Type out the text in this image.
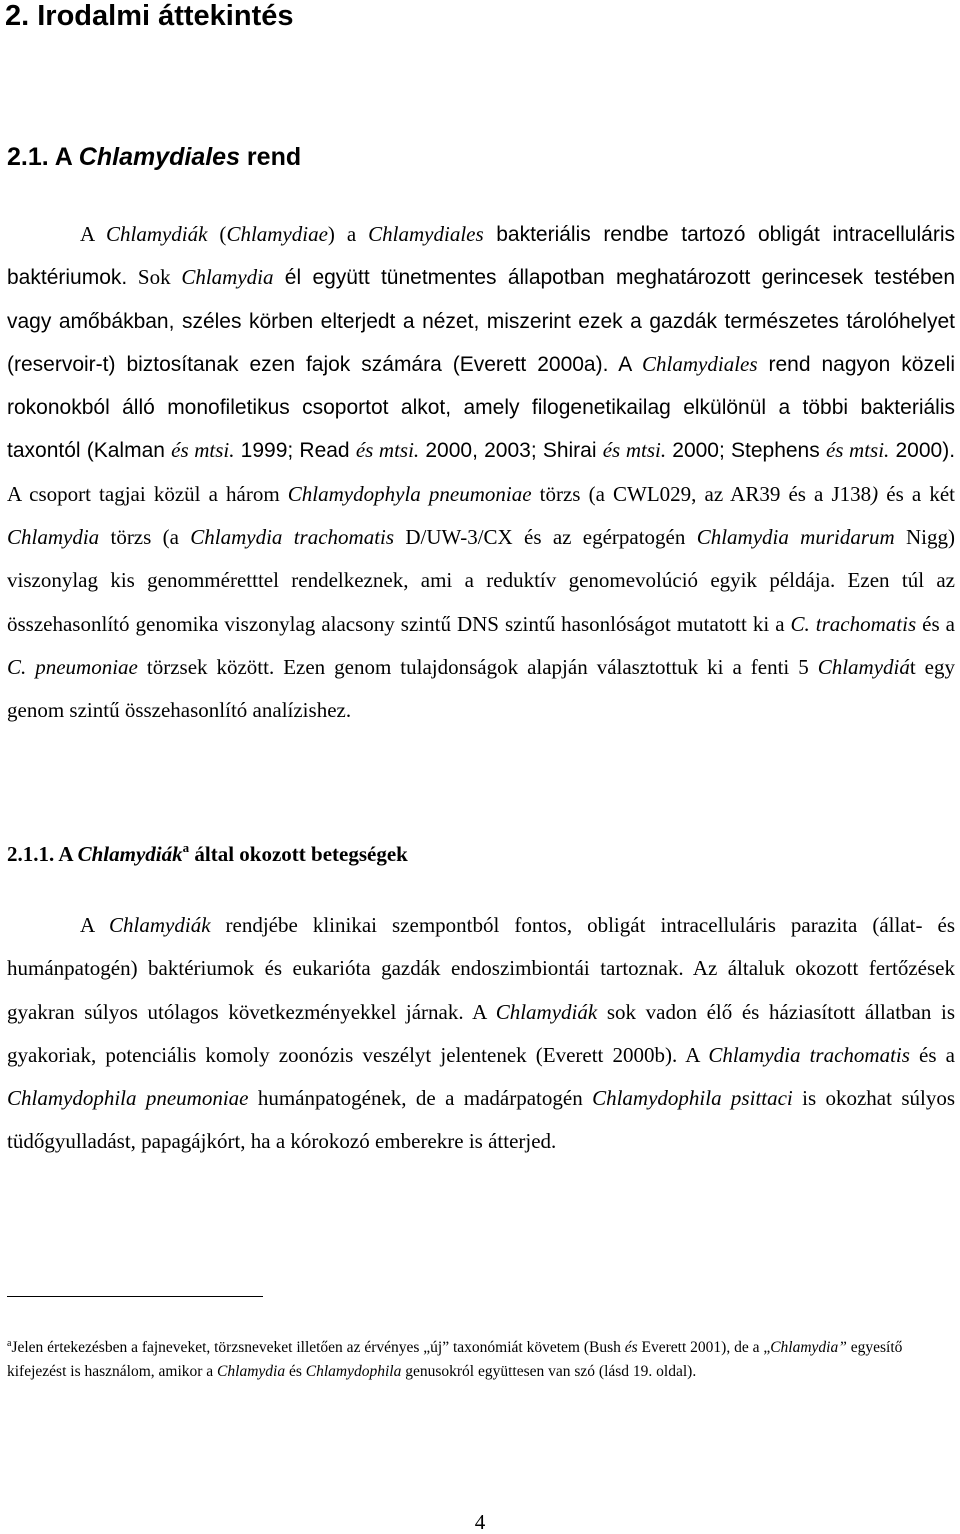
2. Irodalmi áttekintés
2.1. A Chlamydiales rend

A Chlamydiák (Chlamydiae) a Chlamydiales bakteriális rendbe tartozó obligát intracelluláris baktériumok. Sok Chlamydia él együtt tünetmentes állapotban meghatározott gerincesek testében vagy amőbákban, széles körben elterjedt a nézet, miszerint ezek a gazdák természetes tárolóhelyet (reservoir-t) biztosítanak ezen fajok számára (Everett 2000a). A Chlamydiales rend nagyon közeli rokonokból álló monofiletikus csoportot alkot, amely filogenetikailag elkülönül a többi bakteriális taxontól (Kalman és mtsi. 1999; Read és mtsi. 2000, 2003; Shirai és mtsi. 2000; Stephens és mtsi. 2000). A csoport tagjai közül a három Chlamydophyla pneumoniae törzs (a CWL029, az AR39 és a J138) és a két Chlamydia törzs (a Chlamydia trachomatis D/UW-3/CX és az egérpatogén Chlamydia muridarum Nigg) viszonylag kis genomméretttel rendelkeznek, ami a reduktív genomevolúció egyik példája. Ezen túl az összehasonlító genomika viszonylag alacsony szintű DNS szintű hasonlóságot mutatott ki a C. trachomatis és a C. pneumoniae törzsek között. Ezen genom tulajdonságok alapján választottuk ki a fenti 5 Chlamydiát egy genom szintű összehasonlító analízishez.

2.1.1. A Chlamydiák$^a$ által okozott betegségek

A Chlamydiák rendjébe klinikai szempontból fontos, obligát intracelluláris parazita (állat- és humánpatogén) baktériumok és eukarióta gazdák endoszimbiontái tartoznak. Az általuk okozott fertőzések gyakran súlyos utólagos következményekkel járnak. A Chlamydiák sok vadon élő és háziasított állatban is gyakoriak, potenciális komoly zoonózis veszélyt jelentenek (Everett 2000b). A Chlamydia trachomatis és a Chlamydophila pneumoniae humánpatogének, de a madárpatogén Chlamydophila psittaci is okozhat súlyos tüdőgyulladást, papagájkórt, ha a kórokozó emberekre is átterjed.

$^a$Jelen értekezésben a fajneveket, törzsneveket illetően az érvényes „új” taxonómiát követem (Bush és Everett 2001), de a „Chlamydia” egyesítő kifejezést is használom, amikor a Chlamydia és Chlamydophila genusokról együttesen van szó (lásd 19. oldal).

4
